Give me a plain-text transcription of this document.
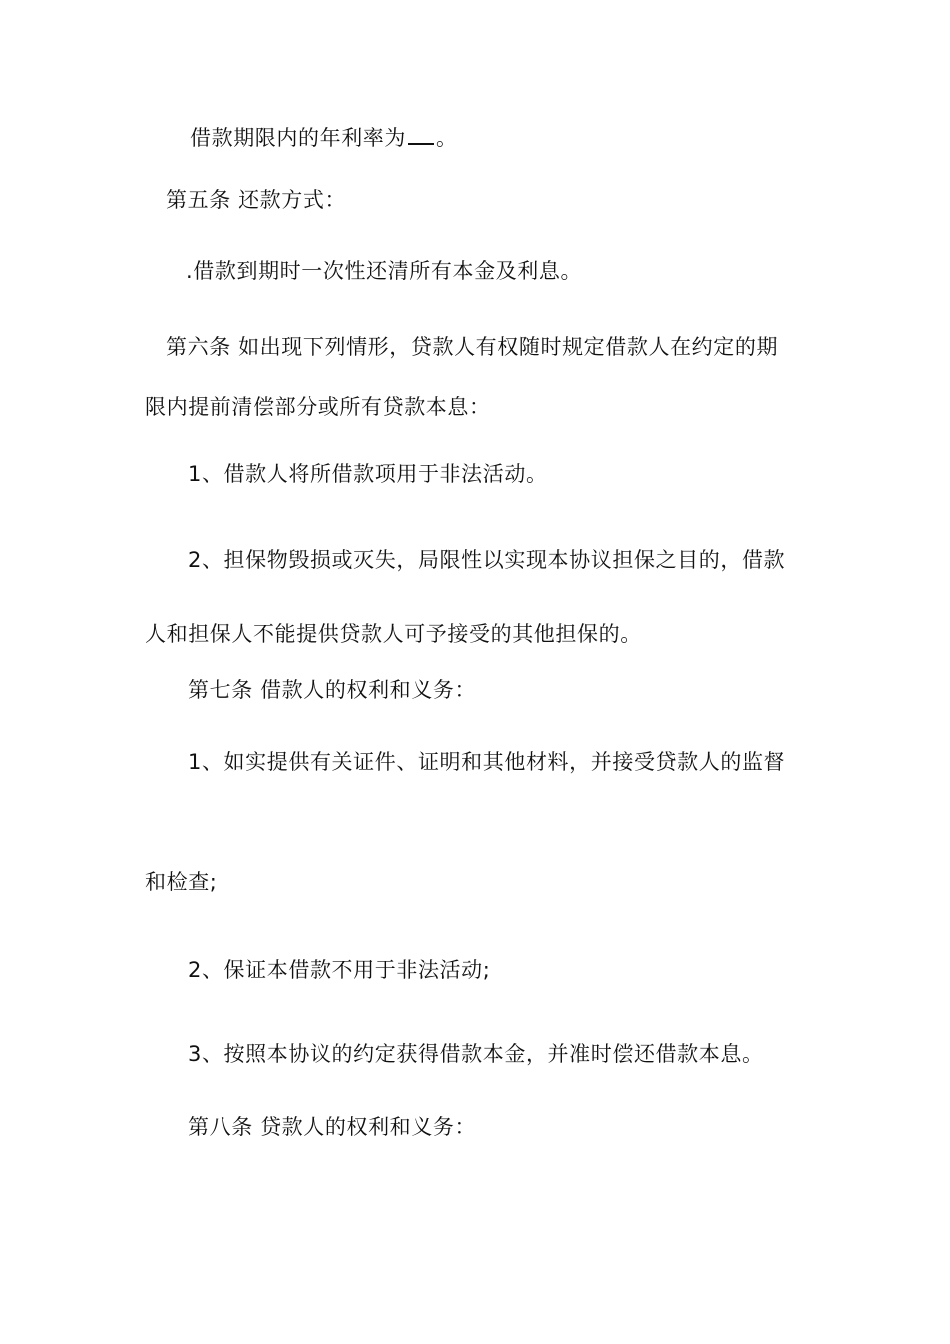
借款期限内的年利率为 。
第五条 还款方式：
.借款到期时一次性还清所有本金及利息。
第六条 如出现下列情形，贷款人有权随时规定借款人在约定的期
限内提前清偿部分或所有贷款本息：
1、借款人将所借款项用于非法活动。
2、担保物毁损或灭失，局限性以实现本协议担保之目的，借款
人和担保人不能提供贷款人可予接受的其他担保的。
第七条 借款人的权利和义务：
1、如实提供有关证件、证明和其他材料，并接受贷款人的监督
和检查;
2、保证本借款不用于非法活动;
3、按照本协议的约定获得借款本金，并准时偿还借款本息。
第八条 贷款人的权利和义务：
